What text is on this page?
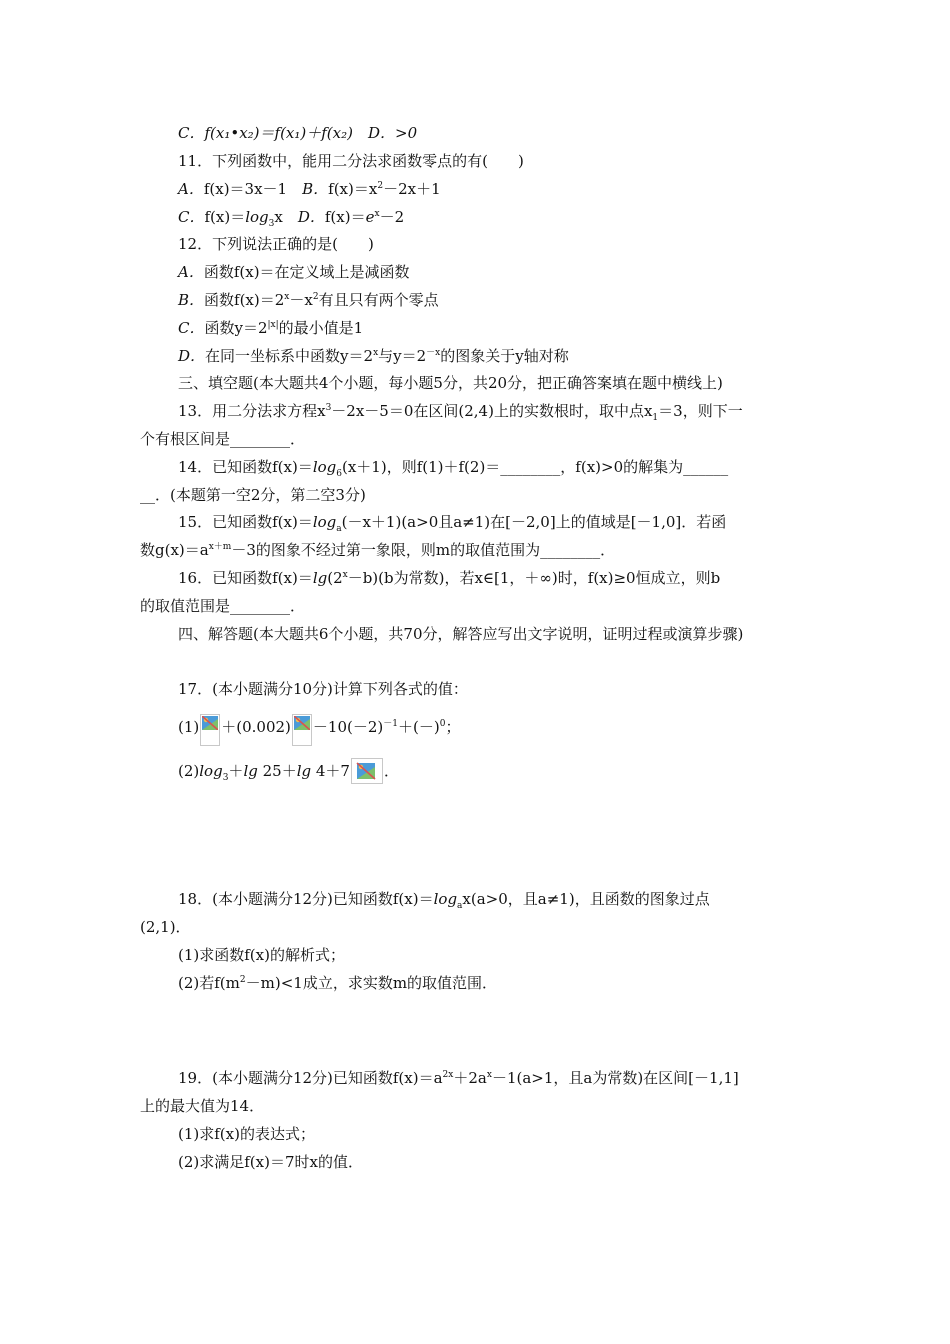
C．f(x₁•x₂)＝f(x₁)＋f(x₂)　D．>0
11．下列函数中，能用二分法求函数零点的有(　　)
A．f(x)＝3x－1　B．$f(x)=x^2-2x+1$
C．$f(x)=\log_3x$　D．$f(x)=e^x-2$
12．下列说法正确的是(　　)
A．函数f(x)＝在定义域上是减函数
B．函数$f(x)=2^x-x^2$有且只有两个零点
C．函数$y=2^{|x|}$的最小值是1
D．在同一坐标系中函数$y=2^x$与$y=2^{-x}$的图象关于y轴对称
三、填空题(本大题共4个小题，每小题5分，共20分，把正确答案填在题中横线上)
13．用二分法求方程$x^3-2x-5=0$在区间(2,4)上的实数根时，取中点$x_1=3$，则下一
个有根区间是________．
14．已知函数$f(x)=\log_6(x+1)$，则f(1)＋f(2)＝________，f(x)>0的解集为______
__．(本题第一空2分，第二空3分)
15．已知函数$f(x)=\log_a(-x+1)(a>0$且a≠1)在[－2,0]上的值域是[－1,0]．若函
数$g(x)=a^{x+m}-3$的图象不经过第一象限，则m的取值范围为________．
16．已知函数$f(x)=\lg(2^x-b)(b$为常数)，若x∈[1，＋∞)时，f(x)≥0恒成立，则b
的取值范围是________．
四、解答题(本大题共6个小题，共70分，解答应写出文字说明，证明过程或演算步骤)
17．(本小题满分10分)计算下列各式的值：
$(1) +(0.002) -10(-2)^{-1}+(-)^0$；
$(2)\log_3+\lg$ 25＋lg 4＋7 ．
18．(本小题满分12分)已知函数$f(x)=\log_ax(a>0$，且a≠1)，且函数的图象过点
(2,1)．
(1)求函数f(x)的解析式；
(2)若$f(m^2-m)<1$成立，求实数m的取值范围．
19．(本小题满分12分)已知函数$f(x)=a^{2x}+2a^x-1(a>1$，且a为常数)在区间[－1,1]
上的最大值为14．
(1)求f(x)的表达式；
(2)求满足f(x)＝7时x的值．
